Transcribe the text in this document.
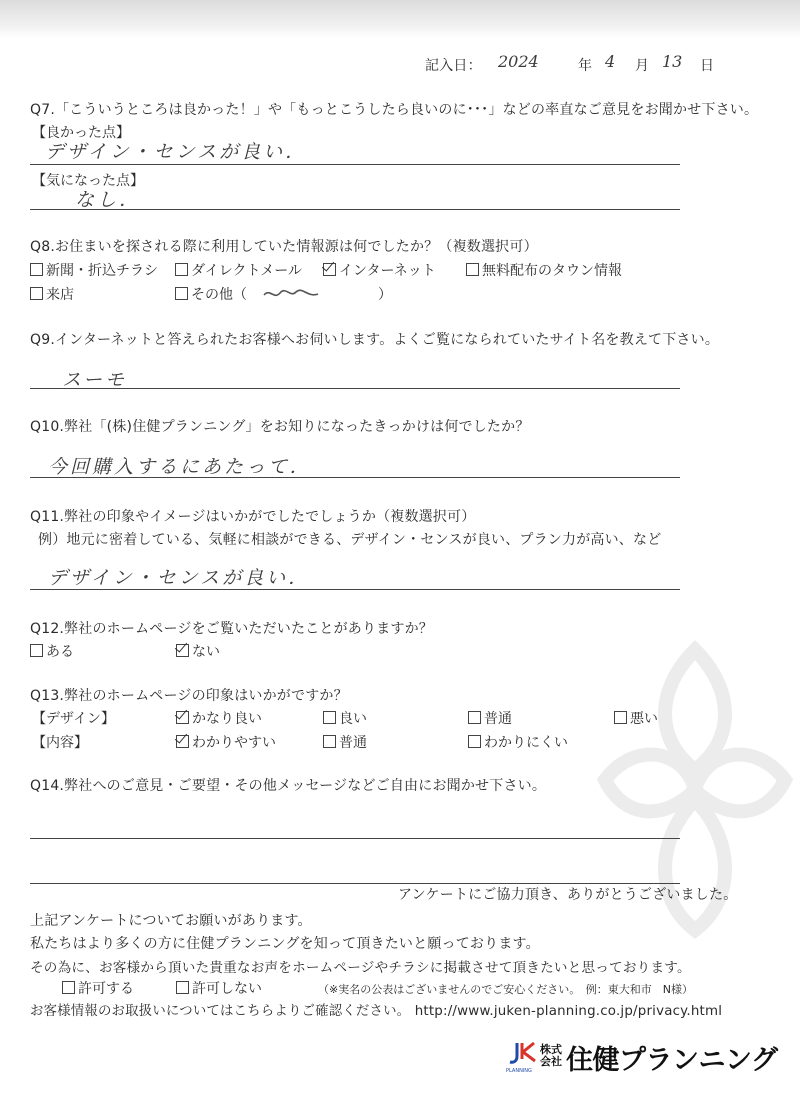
記入日： 2024	年 4 月 13 日
Q7.「こういうところは良かった！」や「もっとこうしたら良いのに･･･」などの率直なご意見をお聞かせ下さい。
【良かった点】
デザイン・センスが良い．
【気になった点】
なし．
Q8.お住まいを探される際に利用していた情報源は何でしたか？（複数選択可）
新聞・折込チラシ	ダイレクトメール	インターネット	無料配布のタウン情報
来店	その他（	）
Q9.インターネットと答えられたお客様へお伺いします。よくご覧になられていたサイト名を教えて下さい。
スーモ
Q10.弊社「(株)住健プランニング」をお知りになったきっかけは何でしたか？
今回購入するにあたって．
Q11.弊社の印象やイメージはいかがでしたでしょうか（複数選択可）
例）地元に密着している、気軽に相談ができる、デザイン・センスが良い、プラン力が高い、など
デザイン・センスが良い．
Q12.弊社のホームページをご覧いただいたことがありますか？
ある	ない
Q13.弊社のホームページの印象はいかがですか？
【デザイン】	かなり良い	良い	普通	悪い
【内容】	わかりやすい	普通	わかりにくい
Q14.弊社へのご意見・ご要望・その他メッセージなどご自由にお聞かせ下さい。
アンケートにご協力頂き、ありがとうございました。
上記アンケートについてお願いがあります。
私たちはより多くの方に住健プランニングを知って頂きたいと願っております。
その為に、お客様から頂いた貴重なお声をホームページやチラシに掲載させて頂きたいと思っております。
許可する	許可しない	（※実名の公表はございませんのでご安心ください。　例：東大和市　N様）
お客様情報のお取扱いについてはこちらよりご確認ください。 http://www.juken-planning.co.jp/privacy.html
PLANNING
株式
会社 住健プランニング
